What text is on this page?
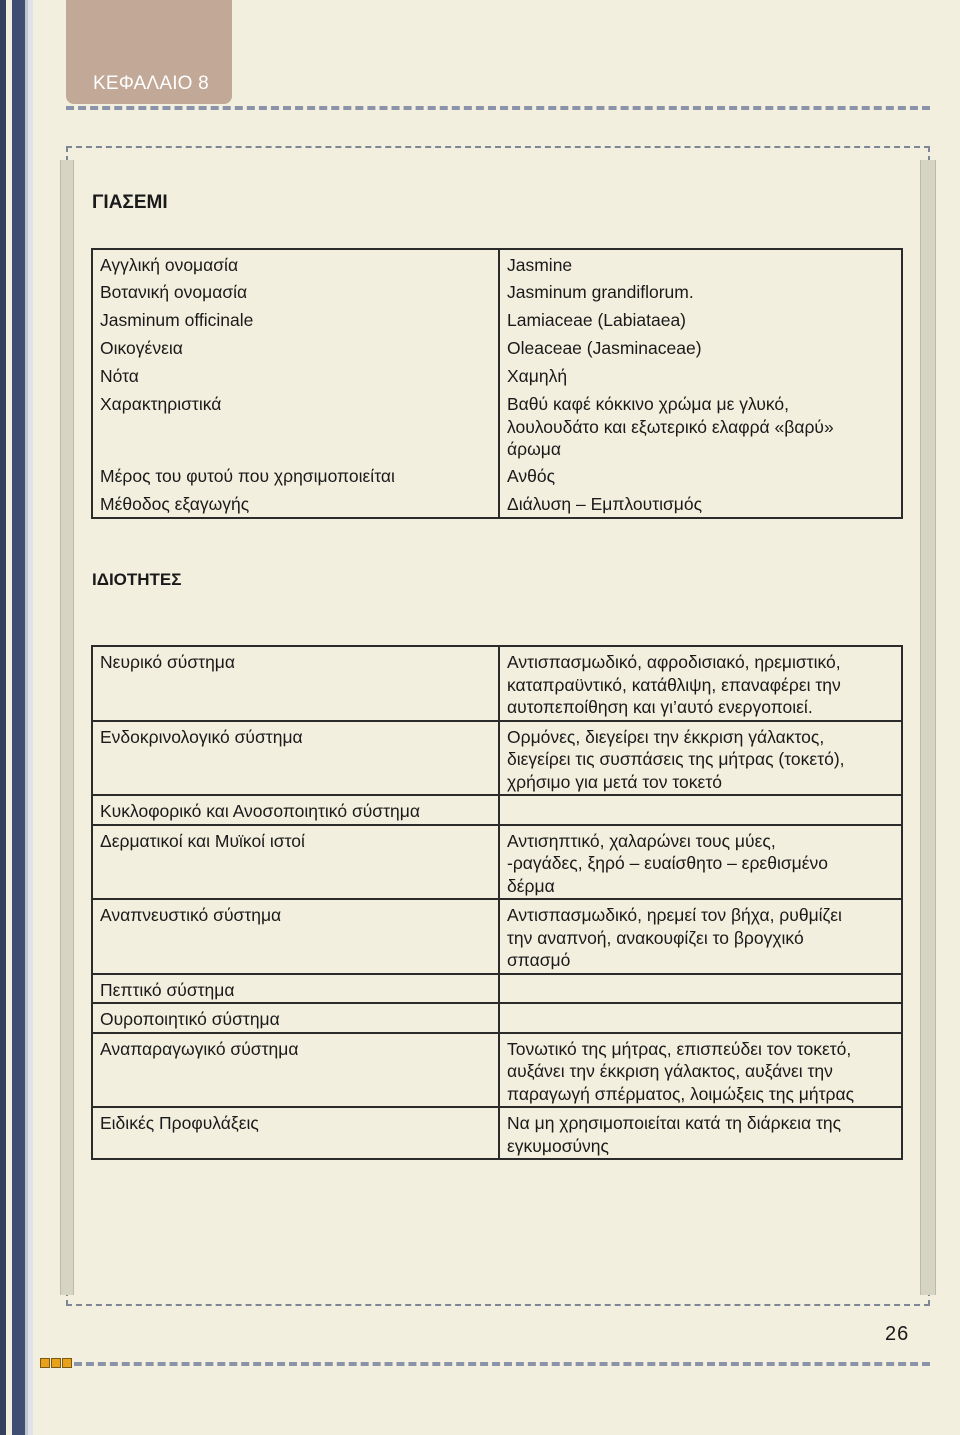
ΚΕΦΑΛΑΙΟ 8
ΓΙΑΣΕΜΙ
Αγγλική ονομασία	Jasmine
Βοτανική ονομασία	Jasminum grandiflorum.
Jasminum officinale	Lamiaceae (Labiataea)
Οικογένεια	Oleaceae (Jasminaceae)
Νότα	Χαμηλή
Χαρακτηριστικά	Βαθύ καφέ κόκκινο χρώμα με γλυκό,
λουλουδάτο και εξωτερικό ελαφρά «βαρύ»
άρωμα
Μέρος του φυτού που χρησιμοποιείται	Ανθός
Μέθοδος εξαγωγής	Διάλυση – Εμπλουτισμός
ΙΔΙΟΤΗΤΕΣ
Νευρικό σύστημα	Αντισπασμωδικό, αφροδισιακό, ηρεμιστικό,
καταπραϋντικό, κατάθλιψη, επαναφέρει την
αυτοπεποίθηση και γι’αυτό ενεργοποιεί.
Ενδοκρινολογικό σύστημα	Ορμόνες, διεγείρει την έκκριση γάλακτος,
διεγείρει τις συσπάσεις της μήτρας (τοκετό),
χρήσιμο για μετά τον τοκετό
Κυκλοφορικό και Ανοσοποιητικό σύστημα	
Δερματικοί και Μυϊκοί ιστοί	Αντισηπτικό, χαλαρώνει τους μύες,
-ραγάδες, ξηρό – ευαίσθητο – ερεθισμένο
δέρμα
Αναπνευστικό σύστημα	Αντισπασμωδικό, ηρεμεί τον βήχα, ρυθμίζει
την αναπνοή, ανακουφίζει το βρογχικό
σπασμό
Πεπτικό σύστημα	
Ουροποιητικό σύστημα	
Αναπαραγωγικό σύστημα	Τονωτικό της μήτρας, επισπεύδει τον τοκετό,
αυξάνει την έκκριση γάλακτος, αυξάνει την
παραγωγή σπέρματος, λοιμώξεις της μήτρας
Ειδικές Προφυλάξεις	Να μη χρησιμοποιείται κατά τη διάρκεια της
εγκυμοσύνης
26
